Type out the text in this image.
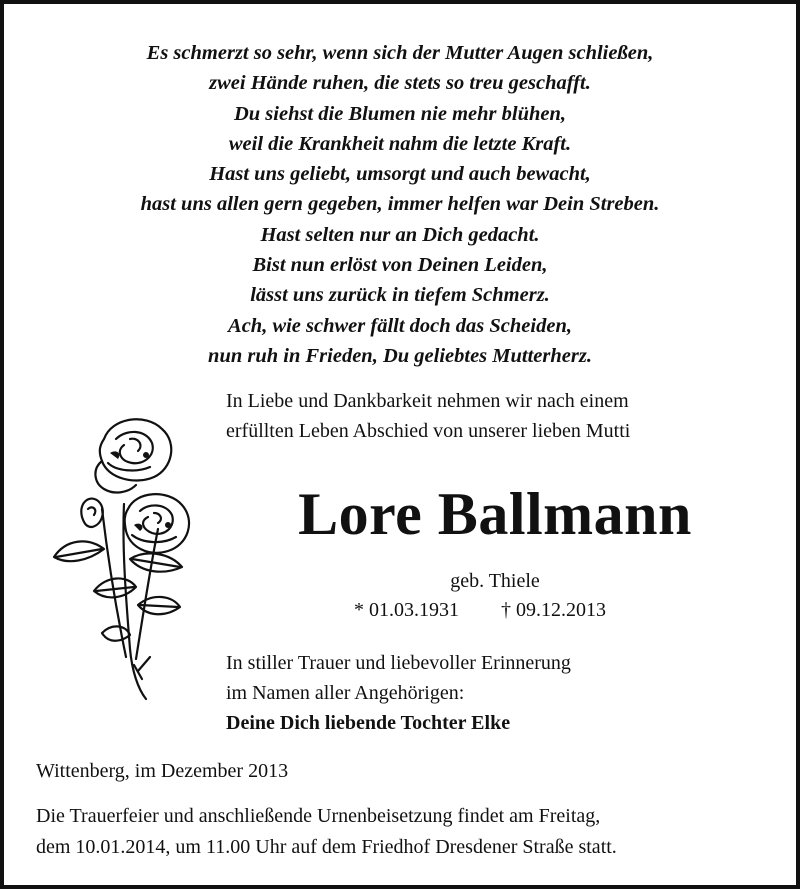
Es schmerzt so sehr, wenn sich der Mutter Augen schließen,
zwei Hände ruhen, die stets so treu geschafft.
Du siehst die Blumen nie mehr blühen,
weil die Krankheit nahm die letzte Kraft.
Hast uns geliebt, umsorgt und auch bewacht,
hast uns allen gern gegeben, immer helfen war Dein Streben.
Hast selten nur an Dich gedacht.
Bist nun erlöst von Deinen Leiden,
lässt uns zurück in tiefem Schmerz.
Ach, wie schwer fällt doch das Scheiden,
nun ruh in Frieden, Du geliebtes Mutterherz.
In Liebe und Dankbarkeit nehmen wir nach einem
erfüllten Leben Abschied von unserer lieben Mutti
Lore Ballmann
geb. Thiele
* 01.03.1931 † 09.12.2013
In stiller Trauer und liebevoller Erinnerung
im Namen aller Angehörigen:
Deine Dich liebende Tochter Elke
Wittenberg, im Dezember 2013
Die Trauerfeier und anschließende Urnenbeisetzung findet am Freitag,
dem 10.01.2014, um 11.00 Uhr auf dem Friedhof Dresdener Straße statt.
